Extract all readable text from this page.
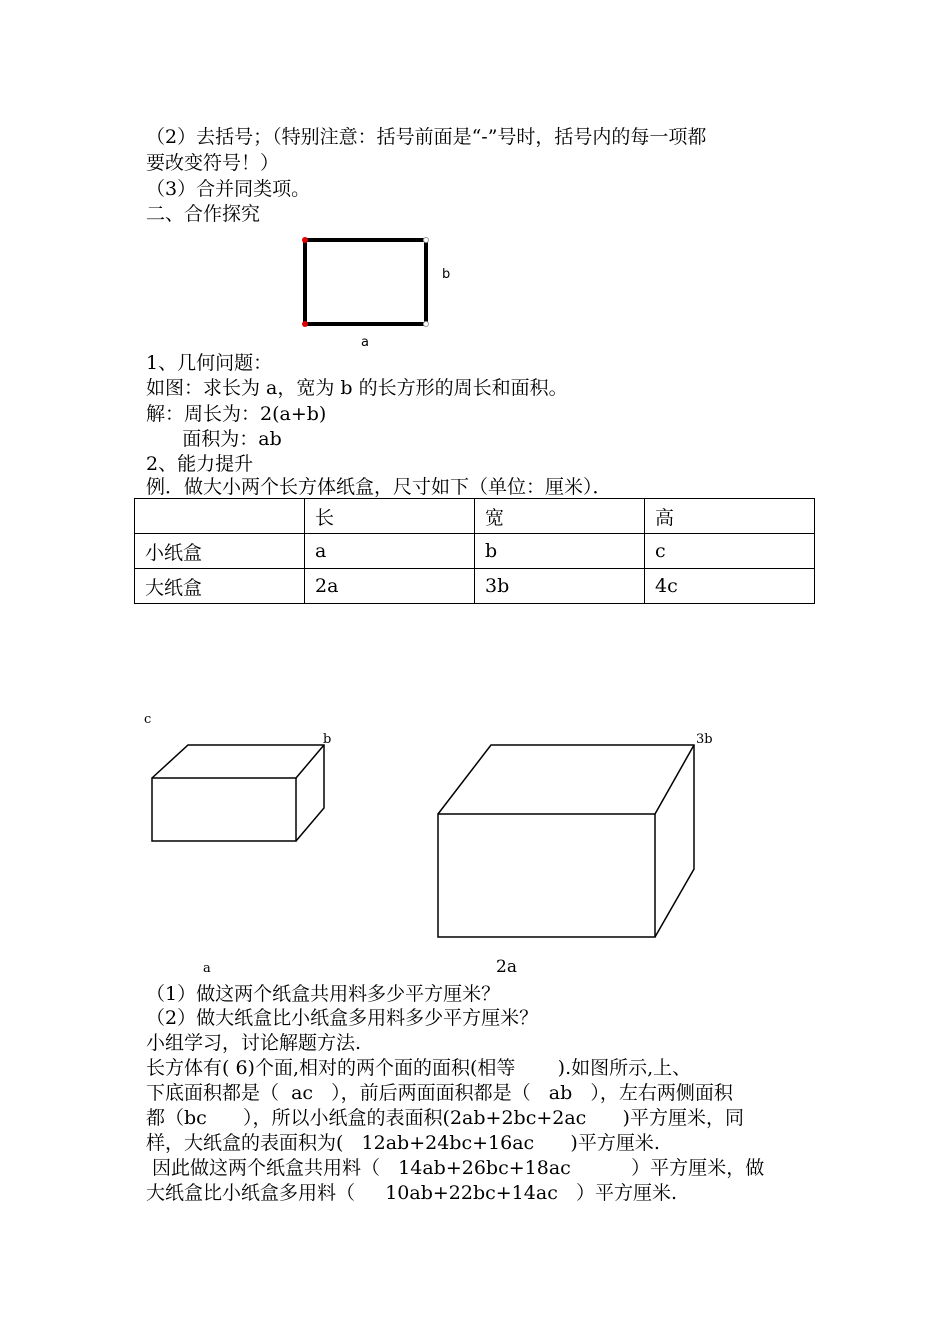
（2）去括号；（特别注意：括号前面是“-”号时，括号内的每一项都

要改变符号！）

（3）合并同类项。

二、合作探究

b
a

1、几何问题：

如图：求长为 a，宽为 b 的长方形的周长和面积。

解：周长为：2(a+b)

面积为：ab

2、能力提升

例．做大小两个长方体纸盒，尺寸如下（单位：厘米）．

	长	宽	高
小纸盒	a	b	c
大纸盒	2a	3b	4c
c
b
a
3b
2a

（1）做这两个纸盒共用料多少平方厘米？

（2）做大纸盒比小纸盒多用料多少平方厘米？

小组学习，讨论解题方法.

长方体有( 6)个面,相对的两个面的面积(相等       ).如图所示,上、

下底面积都是（  ac   ），前后两面面积都是（   ab   ），左右两侧面积

都（bc      ），所以小纸盒的表面积(2ab+2bc+2ac      )平方厘米，同

样，大纸盒的表面积为(   12ab+24bc+16ac      )平方厘米.

因此做这两个纸盒共用料（   14ab+26bc+18ac          ）平方厘米，做

大纸盒比小纸盒多用料（     10ab+22bc+14ac   ）平方厘米.
